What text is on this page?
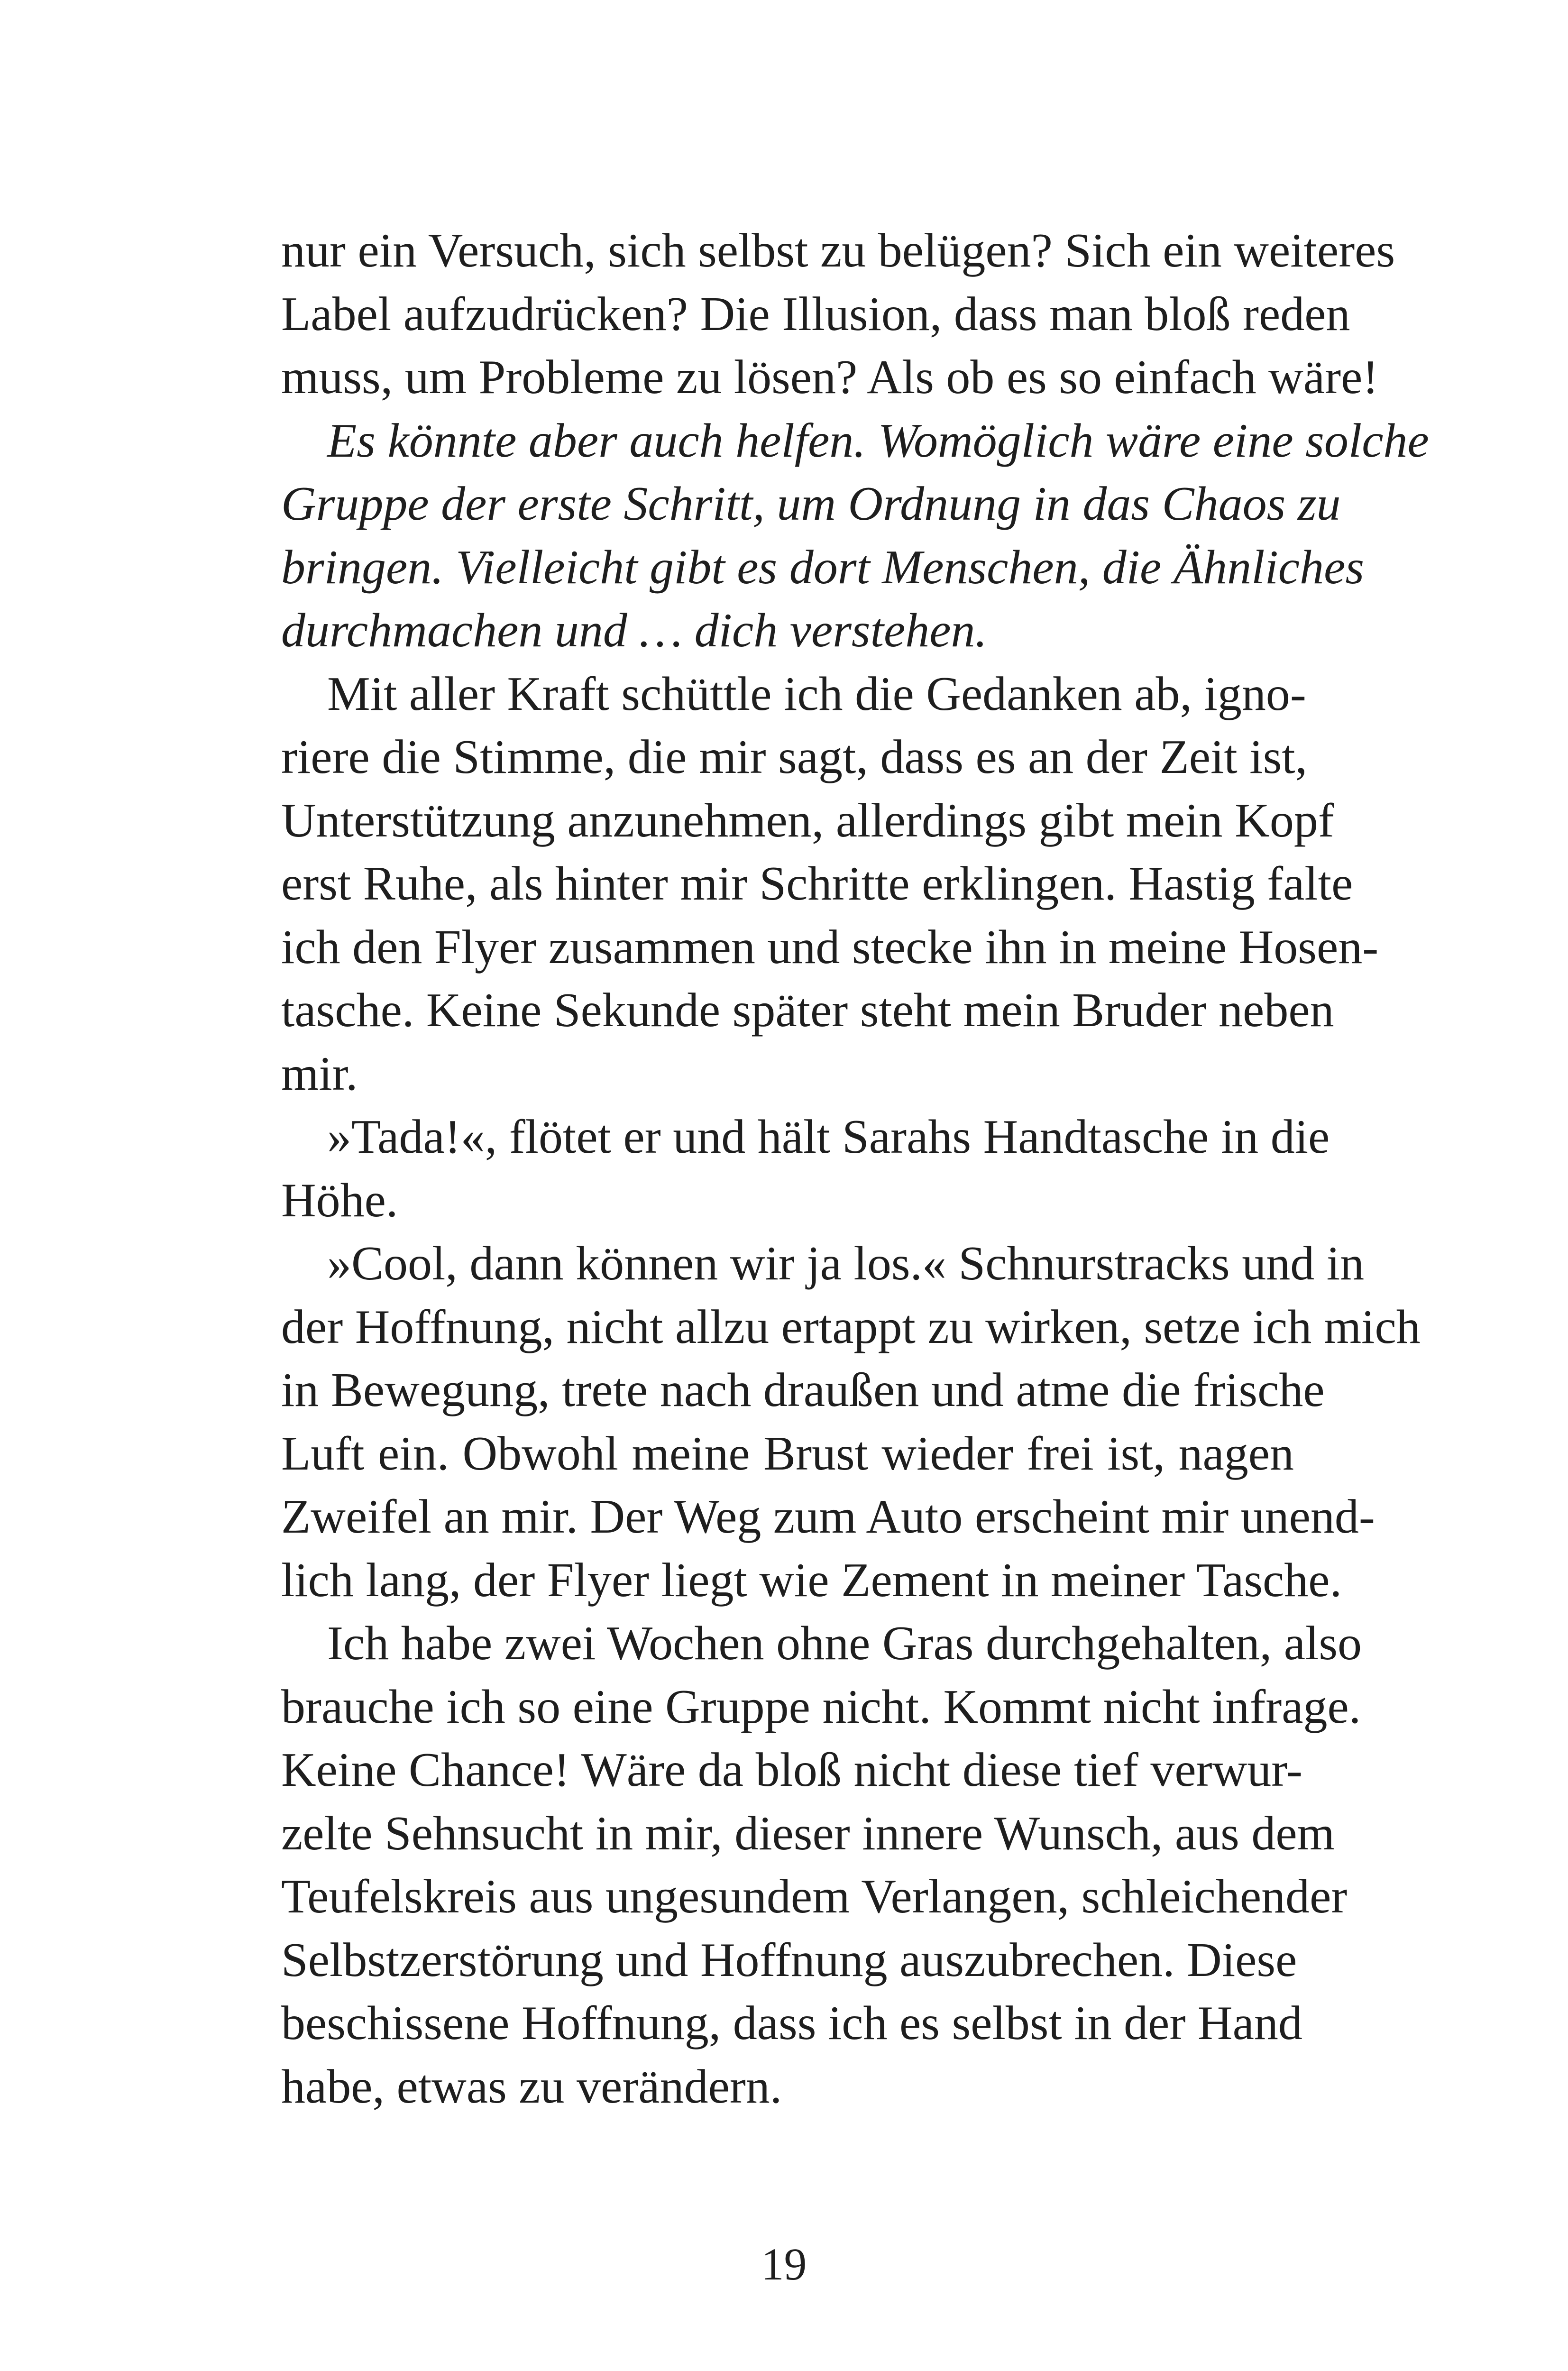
nur ein Versuch, sich selbst zu belügen? Sich ein weiteres
Label aufzudrücken? Die Illusion, dass man bloß reden
muss, um Probleme zu lösen? Als ob es so einfach wäre!
Es könnte aber auch helfen. Womöglich wäre eine solche
Gruppe der erste Schritt, um Ordnung in das Chaos zu
bringen. Vielleicht gibt es dort Menschen, die Ähnliches
durchmachen und … dich verstehen.
Mit aller Kraft schüttle ich die Gedanken ab, igno-
riere die Stimme, die mir sagt, dass es an der Zeit ist,
Unterstützung anzunehmen, allerdings gibt mein Kopf
erst Ruhe, als hinter mir Schritte erklingen. Hastig falte
ich den Flyer zusammen und stecke ihn in meine Hosen-
tasche. Keine Sekunde später steht mein Bruder neben
mir.
»Tada!«, flötet er und hält Sarahs Handtasche in die
Höhe.
»Cool, dann können wir ja los.« Schnurstracks und in
der Hoffnung, nicht allzu ertappt zu wirken, setze ich mich
in Bewegung, trete nach draußen und atme die frische
Luft ein. Obwohl meine Brust wieder frei ist, nagen
Zweifel an mir. Der Weg zum Auto erscheint mir unend-
lich lang, der Flyer liegt wie Zement in meiner Tasche.
Ich habe zwei Wochen ohne Gras durchgehalten, also
brauche ich so eine Gruppe nicht. Kommt nicht infrage.
Keine Chance! Wäre da bloß nicht diese tief verwur-
zelte Sehnsucht in mir, dieser innere Wunsch, aus dem
Teufelskreis aus ungesundem Verlangen, schleichender
Selbstzerstörung und Hoffnung auszubrechen. Diese
beschissene Hoffnung, dass ich es selbst in der Hand
habe, etwas zu verändern.
19
